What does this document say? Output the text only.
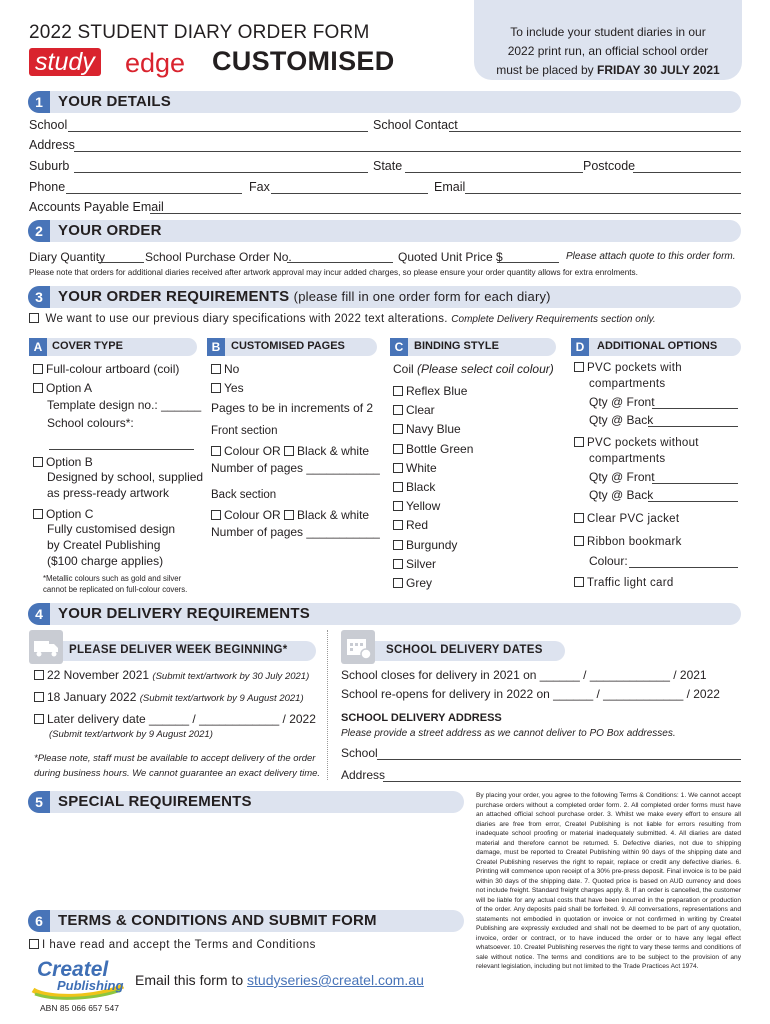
2022 STUDENT DIARY ORDER FORM
study edge CUSTOMISED
To include your student diaries in our
2022 print run, an official school order
must be placed by FRIDAY 30 JULY 2021
1	YOUR DETAILS
School	School Contact
Address
Suburb	State	Postcode
Phone	Fax	Email
Accounts Payable Email
2	YOUR ORDER
Diary Quantity	School Purchase Order No.	Quoted Unit Price $	Please attach quote to this order form.
Please note that orders for additional diaries received after artwork approval may incur added charges, so please ensure your order quantity allows for extra enrolments.
3	YOUR ORDER REQUIREMENTS (please fill in one order form for each diary)
We want to use our previous diary specifications with 2022 text alterations. Complete Delivery Requirements section only.
A COVER TYPE
Full-colour artboard (coil)
Option A
Template design no.: ______
School colours*:
Option B
Designed by school, supplied
as press-ready artwork
Option C
Fully customised design
by Createl Publishing
($100 charge applies)
*Metallic colours such as gold and silver
cannot be replicated on full-colour covers.
B CUSTOMISED PAGES
No
Yes
Pages to be in increments of 2
Front section
Colour OR Black & white
Number of pages ___________
Back section
Colour OR Black & white
Number of pages ___________
C BINDING STYLE
Coil (Please select coil colour)
Reflex Blue
Clear
Navy Blue
Bottle Green
White
Black
Yellow
Red
Burgundy
Silver
Grey
D	ADDITIONAL OPTIONS
PVC pockets with
compartments
Qty @ Front
Qty @ Back
PVC pockets without
compartments
Qty @ Front
Qty @ Back
Clear PVC jacket
Ribbon bookmark
Colour:
Traffic light card
4	YOUR DELIVERY REQUIREMENTS
PLEASE DELIVER WEEK BEGINNING*
22 November 2021 (Submit text/artwork by 30 July 2021)
18 January 2022 (Submit text/artwork by 9 August 2021)
Later delivery date ______ / ____________ / 2022
(Submit text/artwork by 9 August 2021)
*Please note, staff must be available to accept delivery of the order
during business hours. We cannot guarantee an exact delivery time.
SCHOOL DELIVERY DATES
School closes for delivery in 2021 on ______ / ____________ / 2021
School re-opens for delivery in 2022 on ______ / ____________ / 2022
SCHOOL DELIVERY ADDRESS
Please provide a street address as we cannot deliver to PO Box addresses.
School
Address
5	SPECIAL REQUIREMENTS	By placing your order, you agree to the following Terms & Conditions: 1. We cannot accept purchase orders without a completed order form. 2. All completed order forms must have an attached official school purchase order. 3. Whilst we make every effort to ensure all diaries are free from error, Createl Publishing is not liable for errors resulting from inadequate school proofing or material inadequately submitted. 4. All diaries are dated material and therefore cannot be returned. 5. Defective diaries, not due to shipping damage, must be reported to Createl Publishing within 90 days of the shipping date and Createl Publishing reserves the right to repair, replace or credit any defective diaries. 6. Printing will commence upon receipt of a 30% pre-press deposit. Final invoice is to be paid within 30 days of the shipping date. 7. Quoted price is based on AUD currency and does not include freight. Standard freight charges apply. 8. If an order is cancelled, the customer will be liable for any actual costs that have been incurred in the preparation or production of the order. Any deposits paid shall be forfeited. 9. All conversations, representations and statements not embodied in quotation or invoice or not confirmed in writing by Createl Publishing are expressly excluded and shall not be deemed to be part of any quotation, invoice, order or contract, or to have induced the order or to have any legal effect whatsoever. 10. Createl Publishing reserves the right to vary these terms and conditions of sale without notice. The terms and conditions are to be subject to the provision of any relevant legislation, including but not limited to the Trade Practices Act 1974.
6	TERMS & CONDITIONS AND SUBMIT FORM
I have read and accept the Terms and Conditions
Createl
Publishing
ABN 85 066 657 547
Email this form to studyseries@createl.com.au
